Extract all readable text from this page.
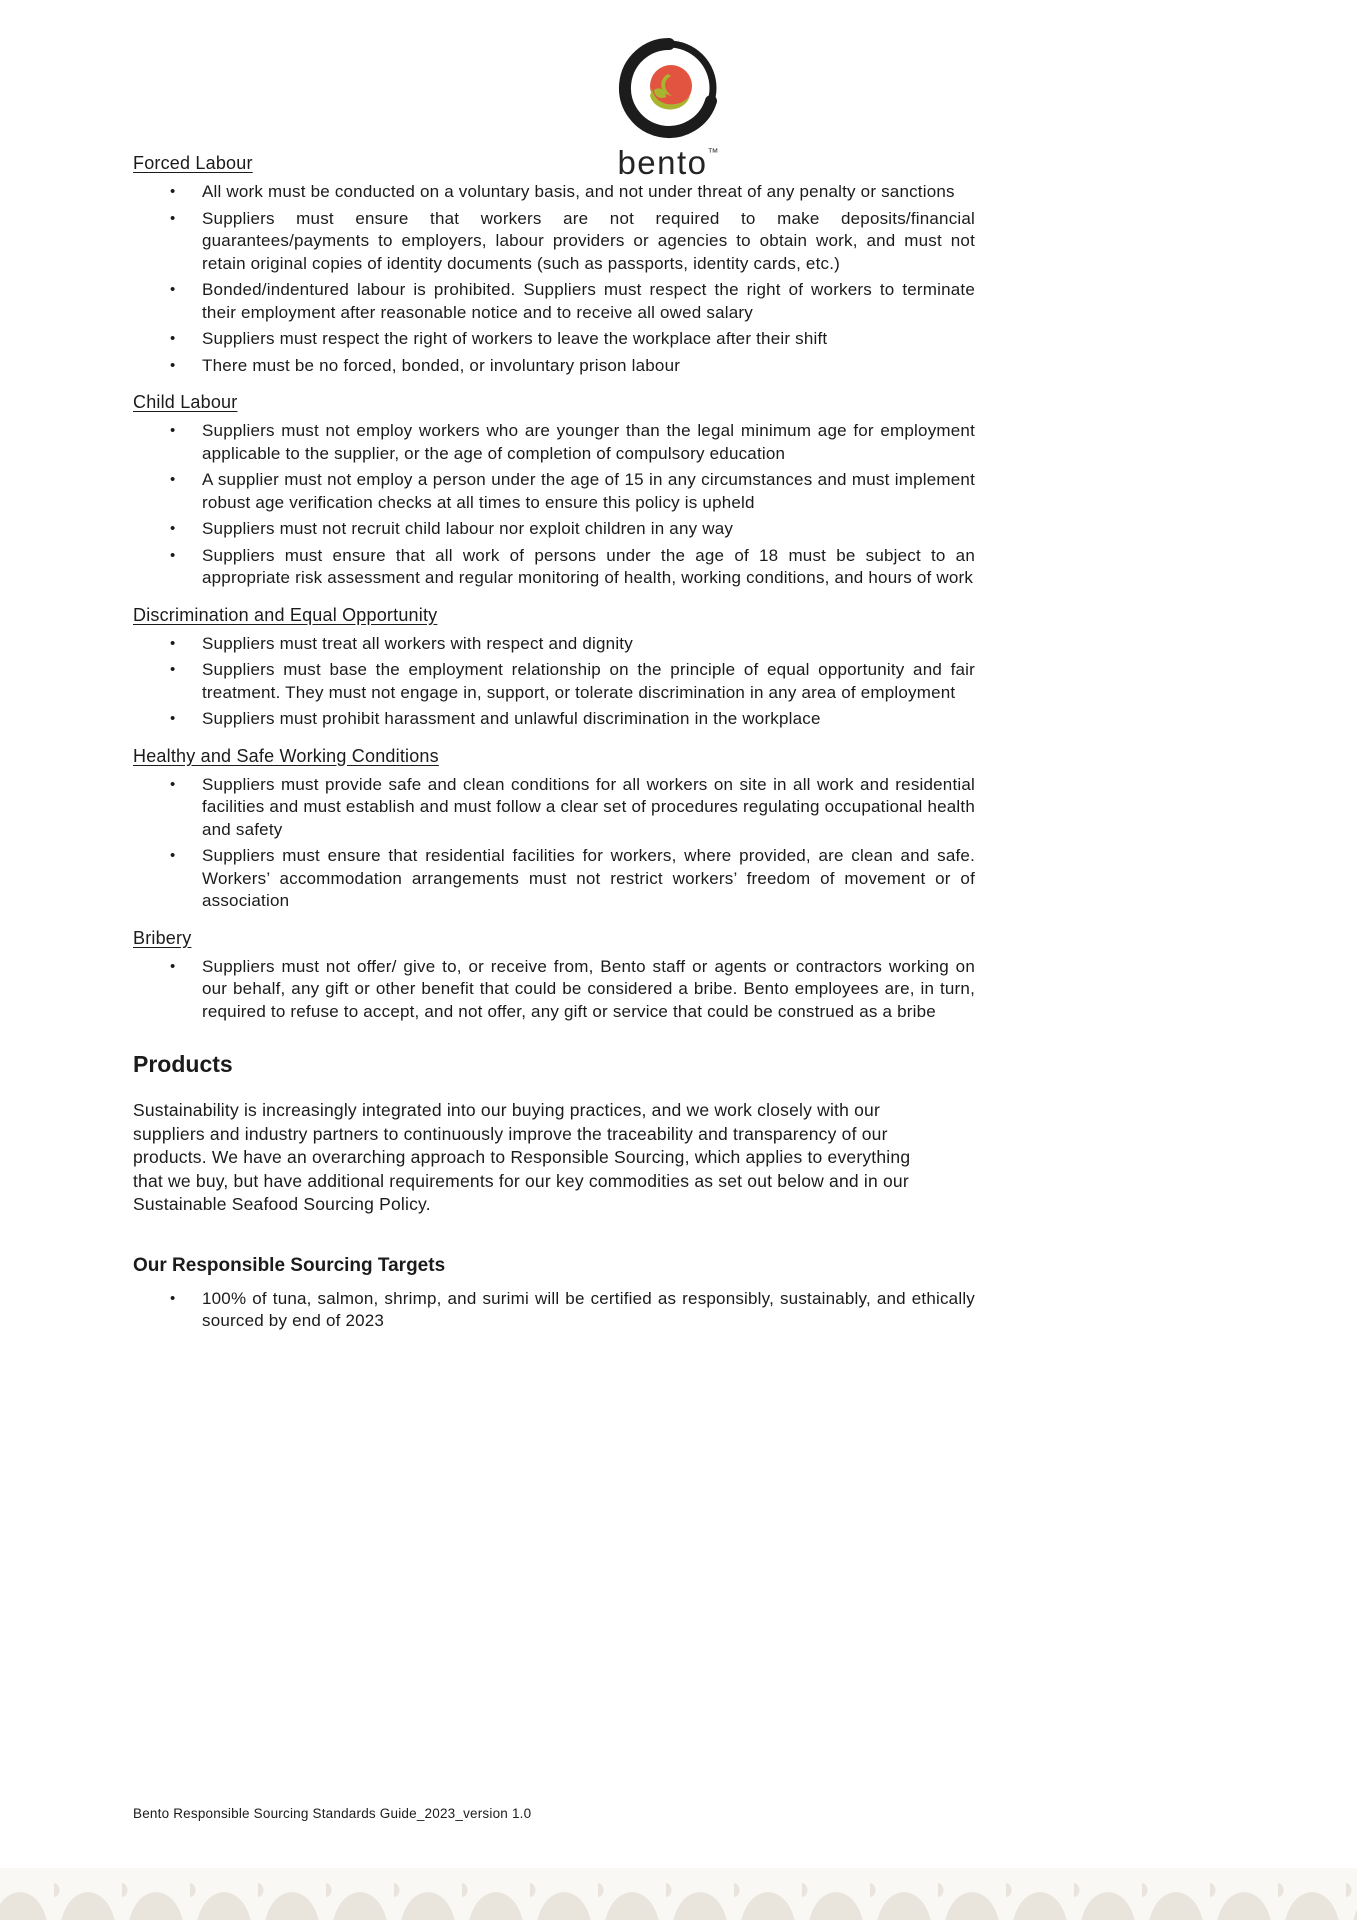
bento™
Forced Labour
•	All work must be conducted on a voluntary basis, and not under threat of any penalty or sanctions
•	Suppliers must ensure that workers are not required to make deposits/financial guarantees/payments to employers, labour providers or agencies to obtain work, and must not retain original copies of identity documents (such as passports, identity cards, etc.)
•	Bonded/indentured labour is prohibited. Suppliers must respect the right of workers to terminate their employment after reasonable notice and to receive all owed salary
•	Suppliers must respect the right of workers to leave the workplace after their shift
•	There must be no forced, bonded, or involuntary prison labour
Child Labour
•	Suppliers must not employ workers who are younger than the legal minimum age for employment applicable to the supplier, or the age of completion of compulsory education
•	A supplier must not employ a person under the age of 15 in any circumstances and must implement robust age verification checks at all times to ensure this policy is upheld
•	Suppliers must not recruit child labour nor exploit children in any way
•	Suppliers must ensure that all work of persons under the age of 18 must be subject to an appropriate risk assessment and regular monitoring of health, working conditions, and hours of work
Discrimination and Equal Opportunity
•	Suppliers must treat all workers with respect and dignity
•	Suppliers must base the employment relationship on the principle of equal opportunity and fair treatment. They must not engage in, support, or tolerate discrimination in any area of employment
•	Suppliers must prohibit harassment and unlawful discrimination in the workplace
Healthy and Safe Working Conditions
•	Suppliers must provide safe and clean conditions for all workers on site in all work and residential facilities and must establish and must follow a clear set of procedures regulating occupational health and safety
•	Suppliers must ensure that residential facilities for workers, where provided, are clean and safe. Workers’ accommodation arrangements must not restrict workers’ freedom of movement or of association
Bribery
•	Suppliers must not offer/ give to, or receive from, Bento staff or agents or contractors working on our behalf, any gift or other benefit that could be considered a bribe. Bento employees are, in turn, required to refuse to accept, and not offer, any gift or service that could be construed as a bribe
Products

Sustainability is increasingly integrated into our buying practices, and we work closely with our suppliers and industry partners to continuously improve the traceability and transparency of our products. We have an overarching approach to Responsible Sourcing, which applies to everything that we buy, but have additional requirements for our key commodities as set out below and in our Sustainable Seafood Sourcing Policy.

Our Responsible Sourcing Targets
•	100% of tuna, salmon, shrimp, and surimi will be certified as responsibly, sustainably, and ethically sourced by end of 2023
Bento Responsible Sourcing Standards Guide_2023_version 1.0
